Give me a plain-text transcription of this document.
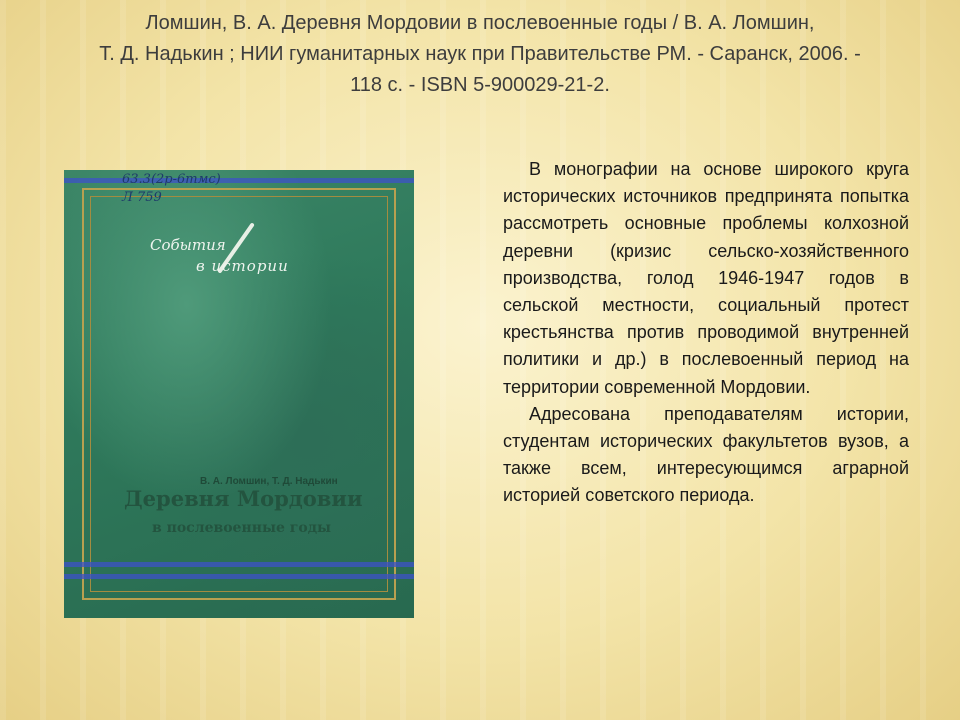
Ломшин, В. А. Деревня Мордовии в послевоенные годы / В. А. Ломшин,
Т. Д. Надькин ; НИИ гуманитарных наук при Правительстве РМ. - Саранск, 2006. -
118 с. - ISBN 5-900029-21-2.
63.3(2р-6тмс)
Л 759
События
в истории
В. А. Ломшин, Т. Д. Надькин
Деревня Мордовии
в послевоенные годы

В монографии на основе широкого круга исторических источников предпринята попытка рассмотреть основные проблемы колхозной деревни (кризис сельско-хозяйственного производства, голод 1946-1947 годов в сельской местности, социальный протест крестьянства против проводимой внутренней политики и др.) в послевоенный период на территории современной Мордовии.

Адресована преподавателям истории, студентам исторических факультетов вузов, а также всем, интересующимся аграрной историей советского периода.
